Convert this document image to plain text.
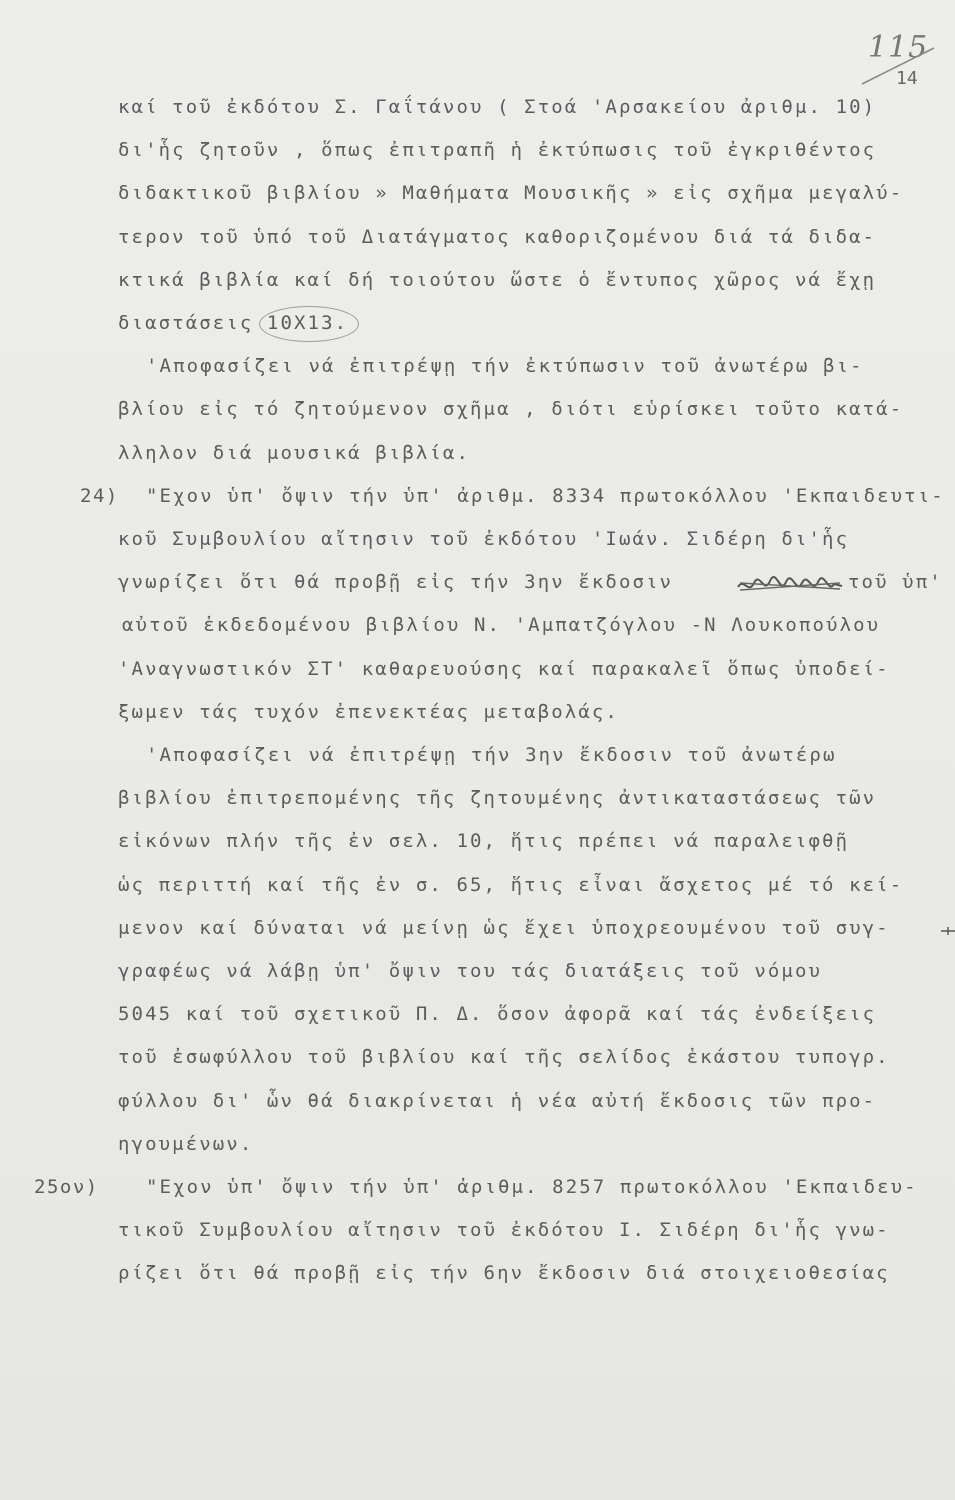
115
14
καί τοῦ ἐκδότου Σ. Γαΐτάνου ( Στοά 'Αρσακείου ἀριθμ. 10)
δι'ἧς ζητοῦν , ὅπως ἐπιτραπῆ ἡ ἐκτύπωσις τοῦ ἐγκριθέντος
διδακτικοῦ βιβλίου » Μαθήματα Μουσικῆς » εἰς σχῆμα μεγαλύ-
τερον τοῦ ὑπό τοῦ Διατάγματος καθοριζομένου διά τά διδα-
κτικά βιβλία καί δή τοιούτου ὥστε ὁ ἔντυπος χῶρος νά ἔχῃ
διαστάσεις 10Χ13.
'Αποφασίζει νά ἐπιτρέψῃ τήν ἐκτύπωσιν τοῦ ἀνωτέρω βι-
βλίου εἰς τό ζητούμενον σχῆμα , διότι εὑρίσκει τοῦτο κατά-
λληλον διά μουσικά βιβλία.
24) "Εχον ὑπ' ὄψιν τήν ὑπ' ἀριθμ. 8334 πρωτοκόλλου 'Εκπαιδευτι-
κοῦ Συμβουλίου αἴτησιν τοῦ ἐκδότου 'Ιωάν. Σιδέρη δι'ἧς
γνωρίζει ὅτι θά προβῇ εἰς τήν 3ην ἔκδοσιν	τοῦ ὑπ'
αὐτοῦ ἐκδεδομένου βιβλίου Ν. 'Αμπατζόγλου -Ν Λουκοπούλου
'Αναγνωστικόν ΣΤ' καθαρευούσης καί παρακαλεῖ ὅπως ὑποδεί-
ξωμεν τάς τυχόν ἐπενεκτέας μεταβολάς.
'Αποφασίζει νά ἐπιτρέψῃ τήν 3ην ἔκδοσιν τοῦ ἀνωτέρω
βιβλίου ἐπιτρεπομένης τῆς ζητουμένης ἀντικαταστάσεως τῶν
εἰκόνων πλήν τῆς ἐν σελ. 10, ἥτις πρέπει νά παραλειφθῇ
ὡς περιττή καί τῆς ἐν σ. 65, ἥτις εἶναι ἄσχετος μέ τό κεί-
μενον καί δύναται νά μείνῃ ὡς ἔχει ὑποχρεουμένου τοῦ συγ-
γραφέως νά λάβῃ ὑπ' ὄψιν του τάς διατάξεις τοῦ νόμου
5045 καί τοῦ σχετικοῦ Π. Δ. ὅσον ἀφορᾶ καί τάς ἐνδείξεις
τοῦ ἐσωφύλλου τοῦ βιβλίου καί τῆς σελίδος ἑκάστου τυπογρ.
φύλλου δι' ὧν θά διακρίνεται ἡ νέα αὐτή ἔκδοσις τῶν προ-
ηγουμένων.
25ον) "Εχον ὑπ' ὄψιν τήν ὑπ' ἀριθμ. 8257 πρωτοκόλλου 'Εκπαιδευ-
τικοῦ Συμβουλίου αἴτησιν τοῦ ἐκδότου Ι. Σιδέρη δι'ἧς γνω-
ρίζει ὅτι θά προβῇ εἰς τήν 6ην ἔκδοσιν διά στοιχειοθεσίας
